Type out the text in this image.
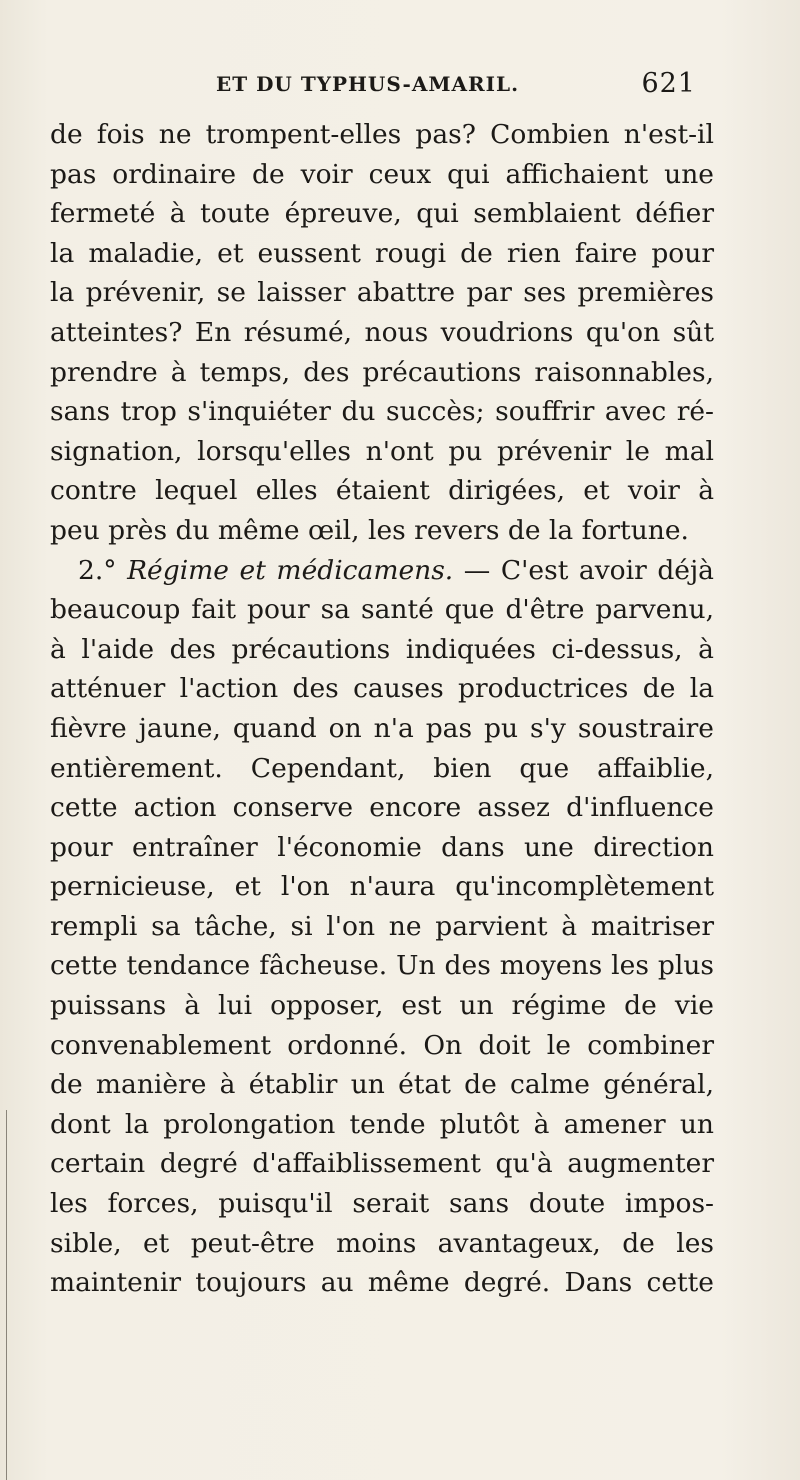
ET DU TYPHUS-AMARIL.	621
de fois ne trompent-elles pas? Combien n'est-il
pas ordinaire de voir ceux qui affichaient une
fermeté à toute épreuve, qui semblaient défier
la maladie, et eussent rougi de rien faire pour
la prévenir, se laisser abattre par ses premières
atteintes? En résumé, nous voudrions qu'on sût
prendre à temps, des précautions raisonnables,
sans trop s'inquiéter du succès; souffrir avec ré-
signation, lorsqu'elles n'ont pu prévenir le mal
contre lequel elles étaient dirigées, et voir à
peu près du même œil, les revers de la fortune.
2.° Régime et médicamens. — C'est avoir déjà
beaucoup fait pour sa santé que d'être parvenu,
à l'aide des précautions indiquées ci-dessus, à
atténuer l'action des causes productrices de la
fièvre jaune, quand on n'a pas pu s'y soustraire
entièrement. Cependant, bien que affaiblie,
cette action conserve encore assez d'influence
pour entraîner l'économie dans une direction
pernicieuse, et l'on n'aura qu'incomplètement
rempli sa tâche, si l'on ne parvient à maitriser
cette tendance fâcheuse. Un des moyens les plus
puissans à lui opposer, est un régime de vie
convenablement ordonné. On doit le combiner
de manière à établir un état de calme général,
dont la prolongation tende plutôt à amener un
certain degré d'affaiblissement qu'à augmenter
les forces, puisqu'il serait sans doute impos-
sible, et peut-être moins avantageux, de les
maintenir toujours au même degré. Dans cette
